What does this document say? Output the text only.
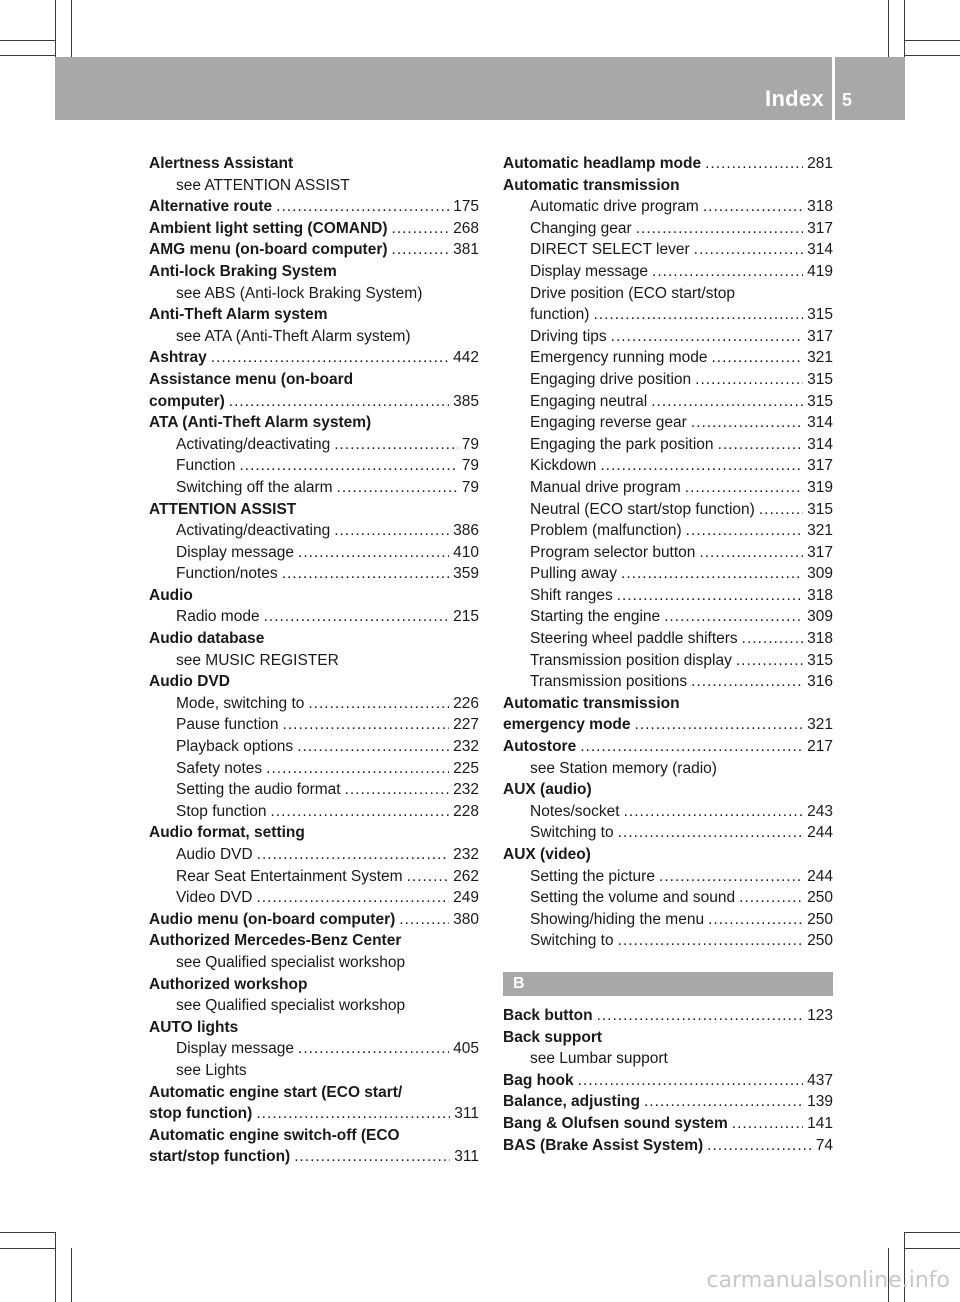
Index 5
Alertness Assistant
see ATTENTION ASSIST
Alternative route .....	175
Ambient light setting (COMAND) .....	268
AMG menu (on-board computer) .....	381
Anti-lock Braking System
see ABS (Anti-lock Braking System)
Anti-Theft Alarm system
see ATA (Anti-Theft Alarm system)
Ashtray .....	442
Assistance menu (on-board
computer) .....	385
ATA (Anti-Theft Alarm system)
Activating/deactivating .....	79
Function .....	79
Switching off the alarm .....	79
ATTENTION ASSIST
Activating/deactivating .....	386
Display message .....	410
Function/notes .....	359
Audio
Radio mode .....	215
Audio database
see MUSIC REGISTER
Audio DVD
Mode, switching to .....	226
Pause function .....	227
Playback options .....	232
Safety notes .....	225
Setting the audio format .....	232
Stop function .....	228
Audio format, setting
Audio DVD .....	232
Rear Seat Entertainment System .....	262
Video DVD .....	249
Audio menu (on-board computer) .....	380
Authorized Mercedes-Benz Center
see Qualified specialist workshop
Authorized workshop
see Qualified specialist workshop
AUTO lights
Display message .....	405
see Lights
Automatic engine start (ECO start/
stop function) .....	311
Automatic engine switch-off (ECO
start/stop function) .....	311
Automatic headlamp mode .....	281
Automatic transmission
Automatic drive program .....	318
Changing gear .....	317
DIRECT SELECT lever .....	314
Display message .....	419
Drive position (ECO start/stop
function) .....	315
Driving tips .....	317
Emergency running mode .....	321
Engaging drive position .....	315
Engaging neutral .....	315
Engaging reverse gear .....	314
Engaging the park position .....	314
Kickdown .....	317
Manual drive program .....	319
Neutral (ECO start/stop function) .....	315
Problem (malfunction) .....	321
Program selector button .....	317
Pulling away .....	309
Shift ranges .....	318
Starting the engine .....	309
Steering wheel paddle shifters .....	318
Transmission position display .....	315
Transmission positions .....	316
Automatic transmission
emergency mode .....	321
Autostore .....	217
see Station memory (radio)
AUX (audio)
Notes/socket .....	243
Switching to .....	244
AUX (video)
Setting the picture .....	244
Setting the volume and sound .....	250
Showing/hiding the menu .....	250
Switching to .....	250
B
Back button .....	123
Back support
see Lumbar support
Bag hook .....	437
Balance, adjusting .....	139
Bang & Olufsen sound system .....	141
BAS (Brake Assist System) .....	74
carmanualsonline.info
